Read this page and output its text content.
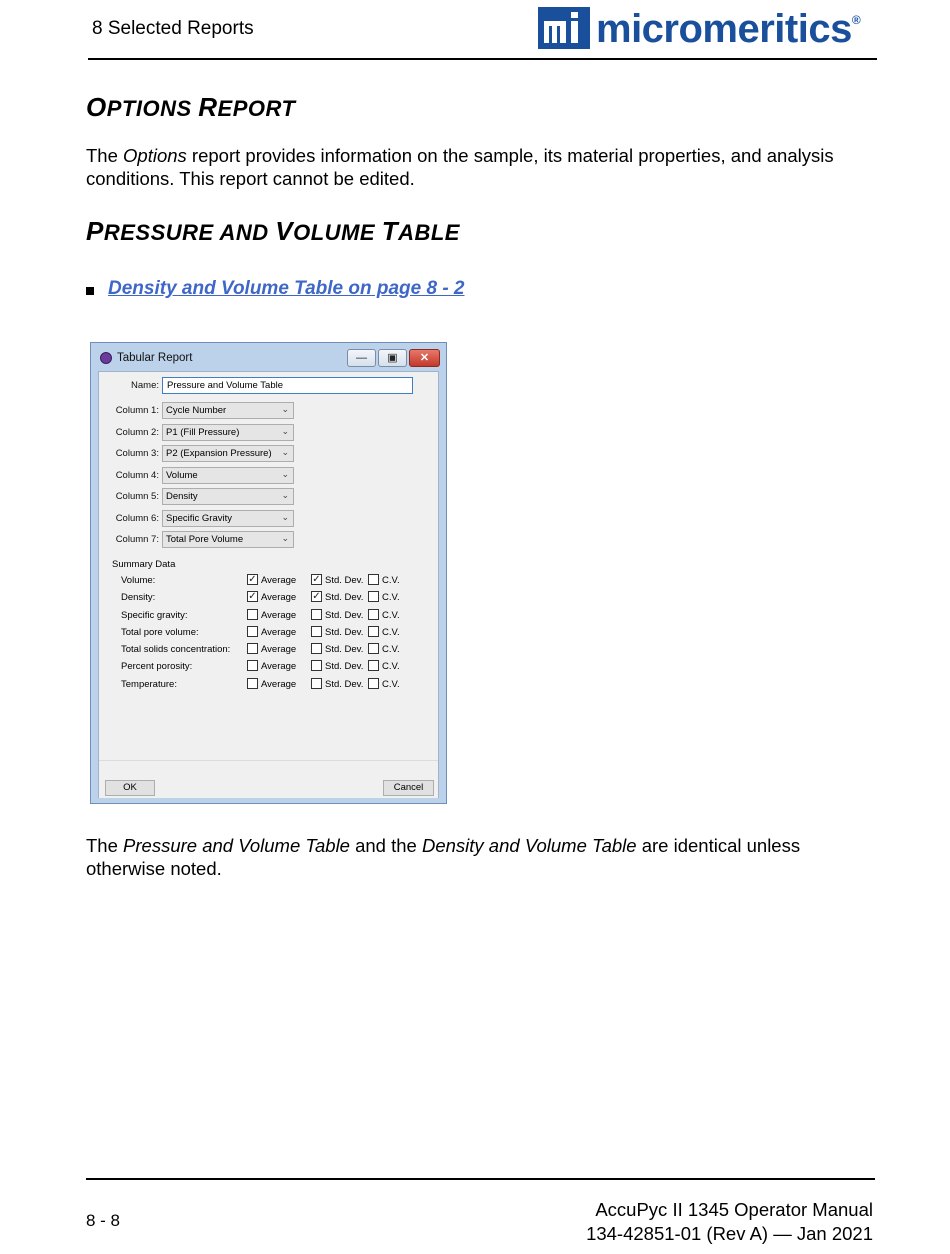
8 Selected Reports	micromeritics ®
OPTIONS REPORT
The Options report provides information on the sample, its material properties, and analysis conditions. This report cannot be edited.
PRESSURE AND VOLUME TABLE
Density and Volume Table on page 8 - 2
Tabular Report	—	▣	✕
Name: Pressure and Volume Table
Column 1: Cycle Number	⌄
Column 2: P1 (Fill Pressure)	⌄
Column 3: P2 (Expansion Pressure) ⌄
Column 4: Volume	⌄
Column 5: Density	⌄
Column 6: Specific Gravity	⌄
Column 7: Total Pore Volume	⌄
Summary Data
Volume:	✓ Average ✓ Std. Dev. C.V.
Density:	✓ Average ✓ Std. Dev. C.V.
Specific gravity:	Average	Std. Dev. C.V.
Total pore volume:	Average	Std. Dev. C.V.
Total solids concentration:	Average	Std. Dev. C.V.
Percent porosity:	Average	Std. Dev. C.V.
Temperature:	Average	Std. Dev. C.V.
OK	Cancel
The Pressure and Volume Table and the Density and Volume Table are identical unless otherwise noted.
8 - 8
AccuPyc II 1345 Operator Manual
134-42851-01 (Rev A) — Jan 2021
